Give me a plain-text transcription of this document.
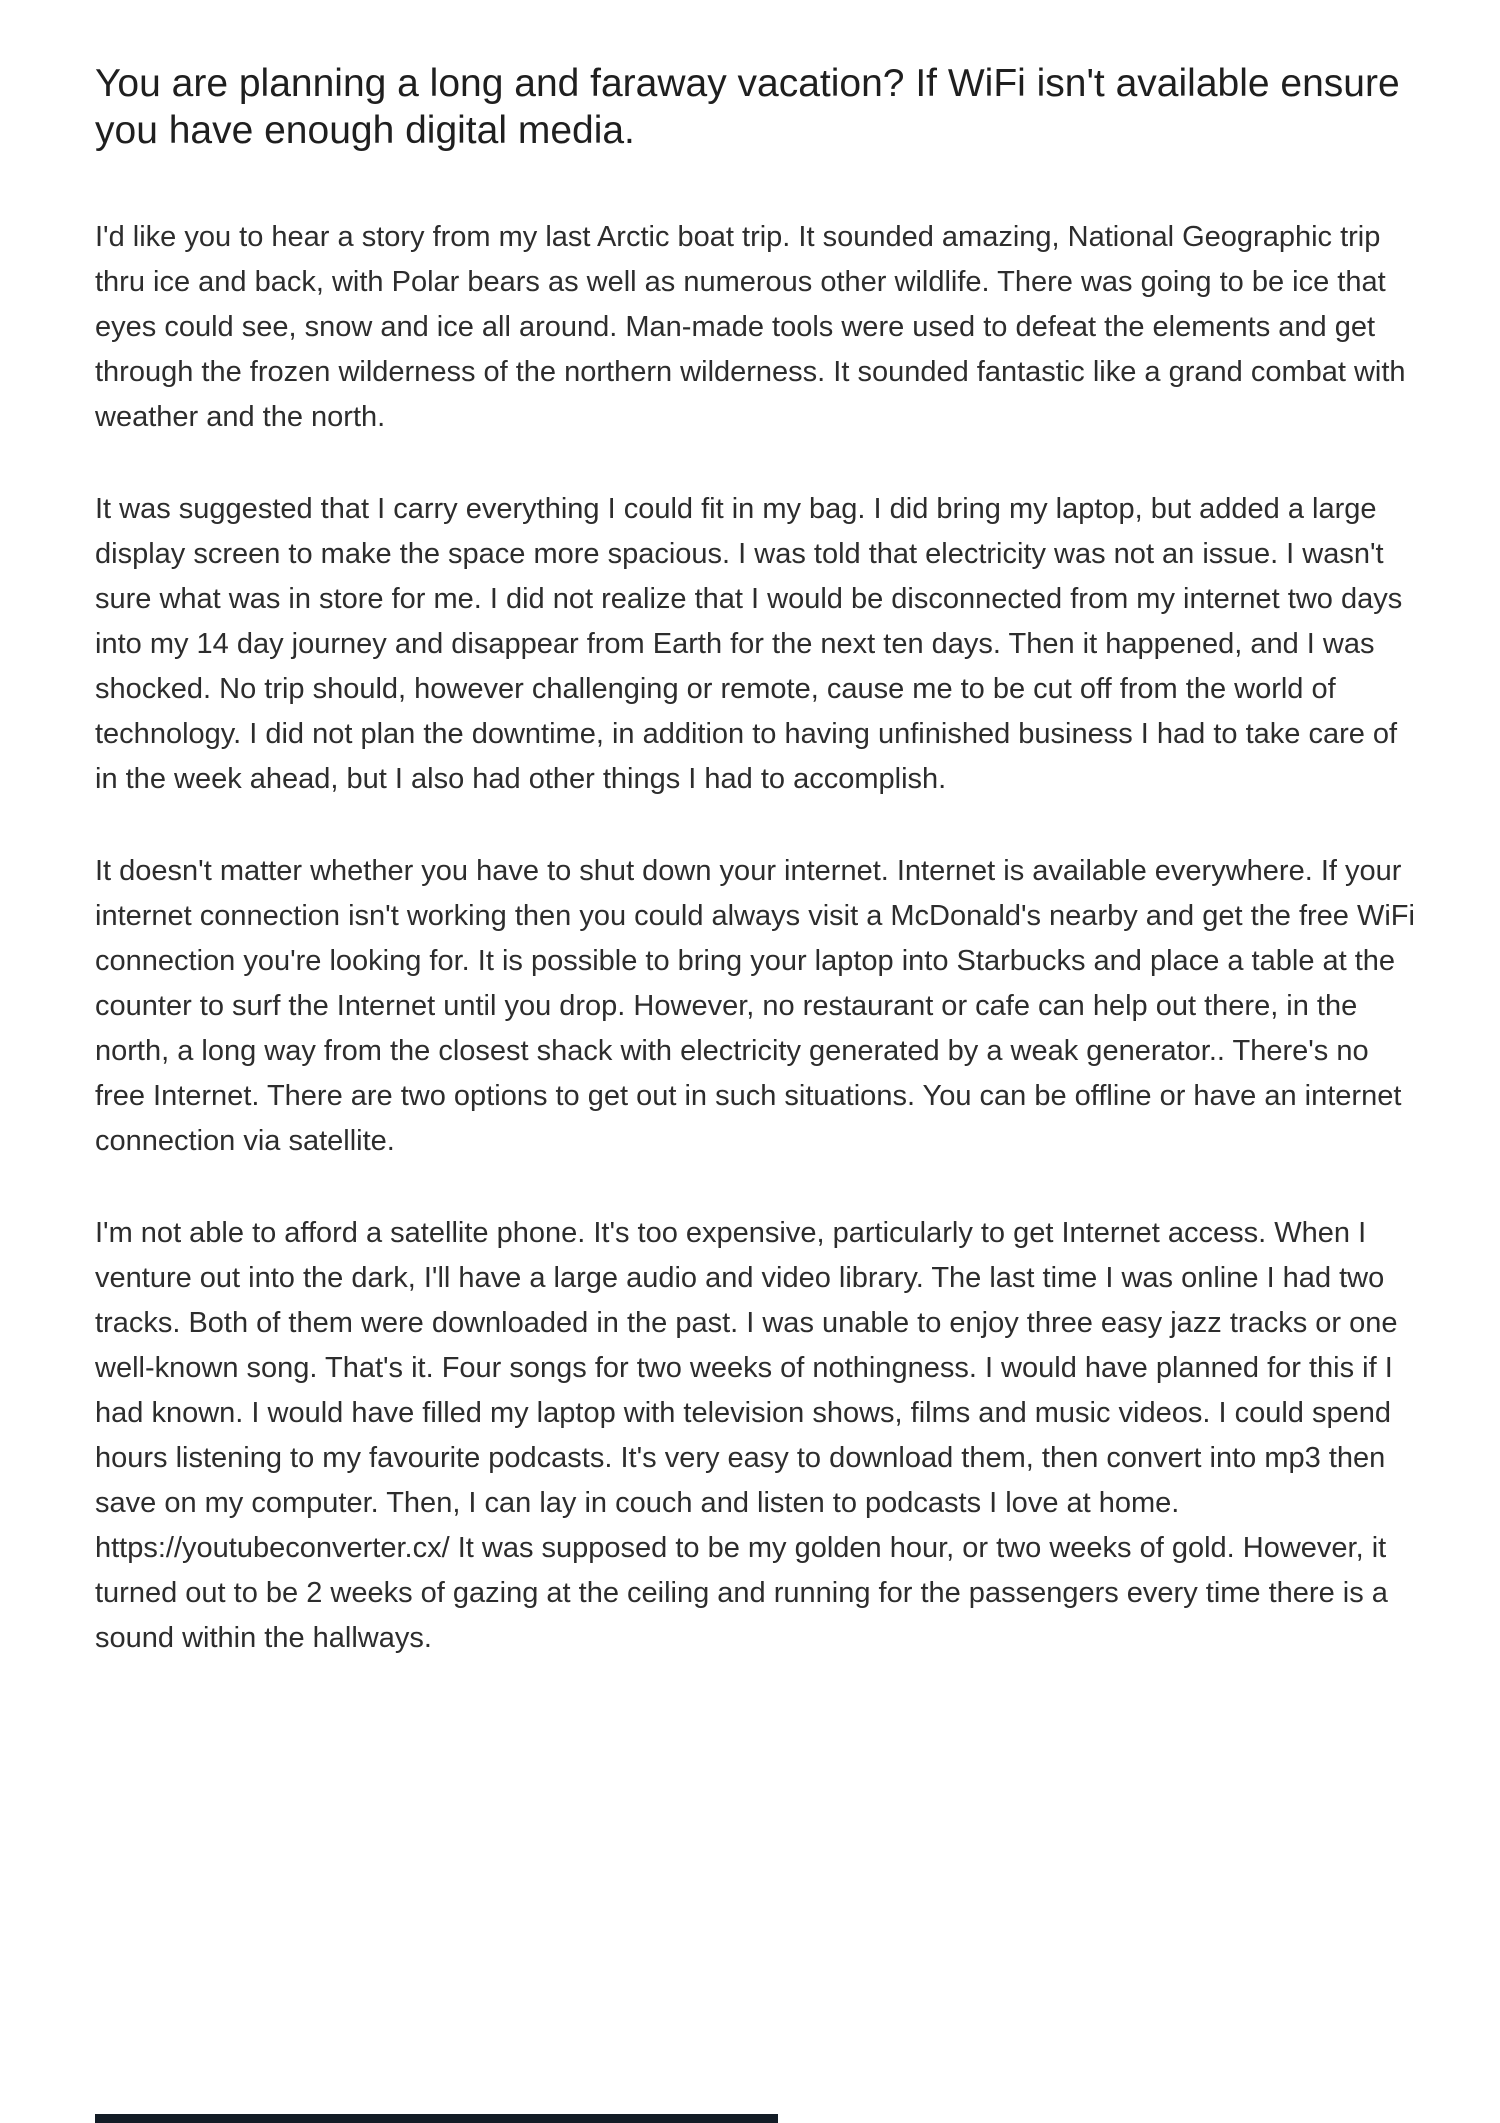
You are planning a long and faraway vacation? If WiFi isn't available ensure you have enough digital media.

I'd like you to hear a story from my last Arctic boat trip. It sounded amazing, National Geographic trip thru ice and back, with Polar bears as well as numerous other wildlife. There was going to be ice that eyes could see, snow and ice all around. Man-made tools were used to defeat the elements and get through the frozen wilderness of the northern wilderness. It sounded fantastic like a grand combat with weather and the north.

It was suggested that I carry everything I could fit in my bag. I did bring my laptop, but added a large display screen to make the space more spacious. I was told that electricity was not an issue. I wasn't sure what was in store for me. I did not realize that I would be disconnected from my internet two days into my 14 day journey and disappear from Earth for the next ten days. Then it happened, and I was shocked. No trip should, however challenging or remote, cause me to be cut off from the world of technology. I did not plan the downtime, in addition to having unfinished business I had to take care of in the week ahead, but I also had other things I had to accomplish.

It doesn't matter whether you have to shut down your internet. Internet is available everywhere. If your internet connection isn't working then you could always visit a McDonald's nearby and get the free WiFi connection you're looking for. It is possible to bring your laptop into Starbucks and place a table at the counter to surf the Internet until you drop. However, no restaurant or cafe can help out there, in the north, a long way from the closest shack with electricity generated by a weak generator.. There's no free Internet. There are two options to get out in such situations. You can be offline or have an internet connection via satellite.

I'm not able to afford a satellite phone. It's too expensive, particularly to get Internet access. When I venture out into the dark, I'll have a large audio and video library. The last time I was online I had two tracks. Both of them were downloaded in the past. I was unable to enjoy three easy jazz tracks or one well-known song. That's it. Four songs for two weeks of nothingness. I would have planned for this if I had known. I would have filled my laptop with television shows, films and music videos. I could spend hours listening to my favourite podcasts. It's very easy to download them, then convert into mp3 then save on my computer. Then, I can lay in couch and listen to podcasts I love at home. https://youtubeconverter.cx/ It was supposed to be my golden hour, or two weeks of gold. However, it turned out to be 2 weeks of gazing at the ceiling and running for the passengers every time there is a sound within the hallways.
